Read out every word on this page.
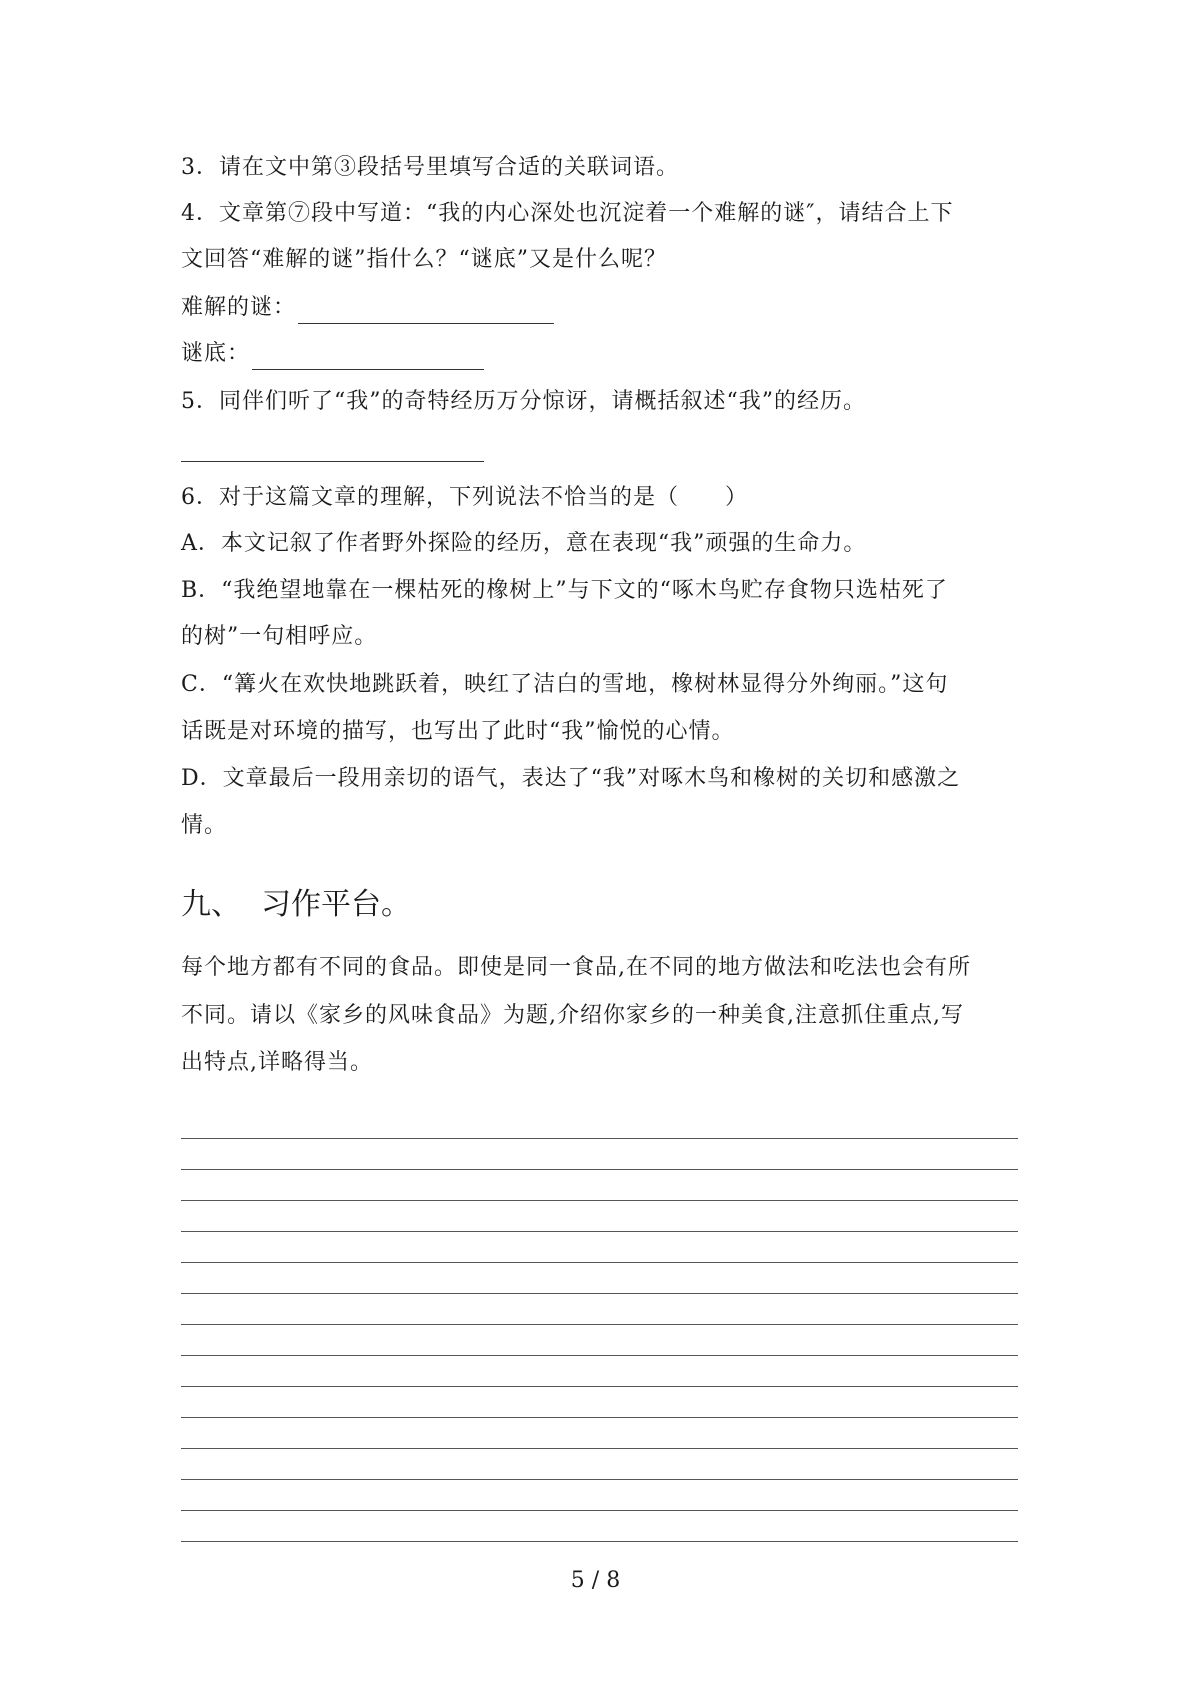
3．请在文中第③段括号里填写合适的关联词语。
4．文章第⑦段中写道：“我的内心深处也沉淀着一个难解的谜″，请结合上下
文回答“难解的谜”指什么？“谜底”又是什么呢？
难解的谜：
谜底：
5．同伴们听了“我”的奇特经历万分惊讶，请概括叙述“我”的经历。
6．对于这篇文章的理解，下列说法不恰当的是（　　）
A．本文记叙了作者野外探险的经历，意在表现“我”顽强的生命力。
B．“我绝望地靠在一棵枯死的橡树上”与下文的“啄木鸟贮存食物只选枯死了
的树”一句相呼应。
C．“篝火在欢快地跳跃着，映红了洁白的雪地，橡树林显得分外绚丽。”这句
话既是对环境的描写，也写出了此时“我”愉悦的心情。
D．文章最后一段用亲切的语气，表达了“我”对啄木鸟和橡树的关切和感激之
情。
九、 习作平台。
每个地方都有不同的食品。即使是同一食品,在不同的地方做法和吃法也会有所
不同。请以《家乡的风味食品》为题,介绍你家乡的一种美食,注意抓住重点,写
出特点,详略得当。
5 / 8
